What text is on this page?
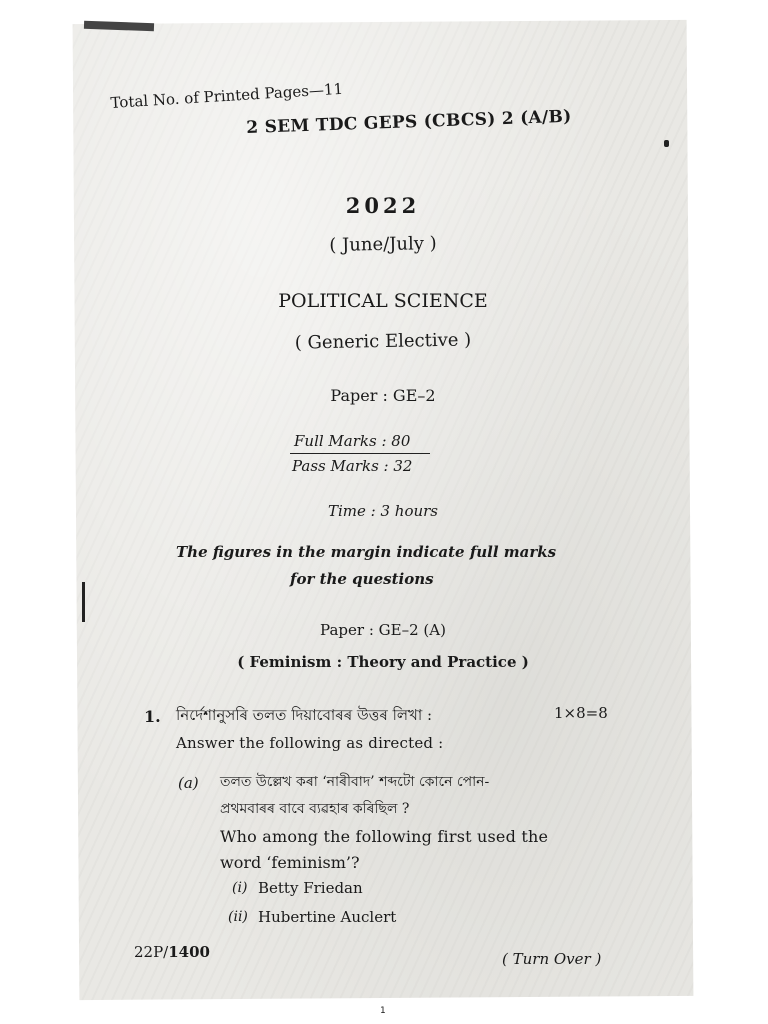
Total No. of Printed Pages—11
2 SEM TDC GEPS (CBCS) 2 (A/B)
2022
( June/July )
POLITICAL SCIENCE
( Generic Elective )
Paper : GE–2
Full Marks : 80
Pass Marks : 32
Time : 3 hours
The figures in the margin indicate full marks
for the questions
Paper : GE–2 (A)
( Feminism : Theory and Practice )
1. নিৰ্দেশানুসৰি তলত দিয়াবোৰৰ উত্তৰ লিখা :	1×8=8
Answer the following as directed :
(a) তলত উল্লেখ কৰা ‘নাৰীবাদ’ শব্দটো কোনে পোন-
প্ৰথমবাৰৰ বাবে ব্যৱহাৰ কৰিছিল ?
Who among the following first used the
word ‘feminism’?
(i) Betty Friedan
(ii) Hubertine Auclert
22P/1400	( Turn Over )
1
